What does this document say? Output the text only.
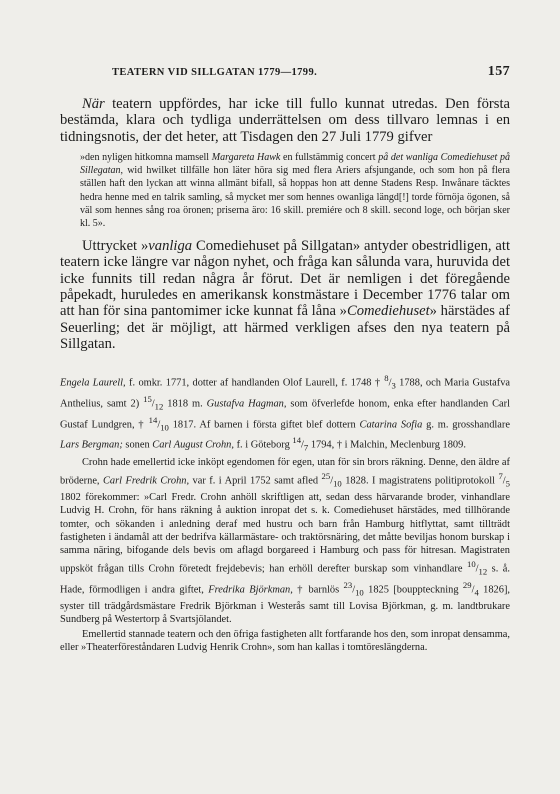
TEATERN VID SILLGATAN 1779—1799.	157

När teatern uppfördes, har icke till fullo kunnat utredas. Den första bestämda, klara och tydliga underrättelsen om dess tillvaro lemnas i en tidningsnotis, der det heter, att Tisdagen den 27 Juli 1779 gifver

»den nyligen hitkomna mamsell Margareta Hawk en fullstämmig concert på det wanliga Comediehuset på Sillegatan, wid hwilket tillfälle hon läter höra sig med flera Ariers afsjungande, och som hon på flera ställen haft den lyckan att winna allmänt bifall, så hoppas hon att denne Stadens Resp. Inwånare täcktes hedra henne med en talrik samling, så mycket mer som hennes owanliga längd[!] torde förnöja ögonen, så väl som hennes sång roa öronen; priserna äro: 16 skill. premiére och 8 skill. second loge, och början sker kl. 5».

Uttrycket »vanliga Comediehuset på Sillgatan» antyder obestridligen, att teatern icke längre var någon nyhet, och fråga kan sålunda vara, huruvida det icke funnits till redan några år förut. Det är nemligen i det föregående påpekadt, huruledes en amerikansk konstmästare i December 1776 talar om att han för sina pantomimer icke kunnat få låna »Comediehuset» härstädes af Seuerling; det är möjligt, att härmed verkligen afses den nya teatern på Sillgatan.

Engela Laurell, f. omkr. 1771, dotter af handlanden Olof Laurell, f. 1748 † $^8/_3$ 1788, och Maria Gustafva Anthelius, samt 2) $^{15}/_{12}$ 1818 m. Gustafva Hagman, som öfverlefde honom, enka efter handlanden Carl Gustaf Lundgren, † $^{14}/_{10}$ 1817. Af barnen i första giftet blef dottern Catarina Sofia g. m. grosshandlare Lars Bergman; sonen Carl August Crohn, f. i Göteborg $^{14}/_7$ 1794, † i Malchin, Meclenburg 1809.

Crohn hade emellertid icke inköpt egendomen för egen, utan för sin brors räkning. Denne, den äldre af bröderne, Carl Fredrik Crohn, var f. i April 1752 samt afled $^{25}/_{10}$ 1828. I magistratens politiprotokoll $^7/_5$ 1802 förekommer: »Carl Fredr. Crohn anhöll skriftligen att, sedan dess härvarande broder, vinhandlare Ludvig H. Crohn, för hans räkning å auktion inropat det s. k. Comediehuset härstädes, med tillhörande tomter, och sökanden i anledning deraf med hustru och barn från Hamburg hitflyttat, samt tillträdt fastigheten i ändamål att der bedrifva källarmästare- och traktörsnäring, det måtte beviljas honom burskap i samma näring, bifogande dels bevis om aflagd borgareed i Hamburg och pass för hitresan. Magistraten uppsköt frågan tills Crohn företedt frejdebevis; han erhöll derefter burskap som vinhandlare $^{10}/_{12}$ s. å. Hade, förmodligen i andra giftet, Fredrika Björkman, † barnlös $^{23}/_{10}$ 1825 [bouppteckning $^{29}/_4$ 1826], syster till trädgårdsmästare Fredrik Björkman i Westerås samt till Lovisa Björkman, g. m. landtbrukare Sundberg på Westertorp å Svartsjölandet.

Emellertid stannade teatern och den öfriga fastigheten allt fortfarande hos den, som inropat densamma, eller »Theaterföreståndaren Ludvig Henrik Crohn», som han kallas i tomtöreslängderna.
